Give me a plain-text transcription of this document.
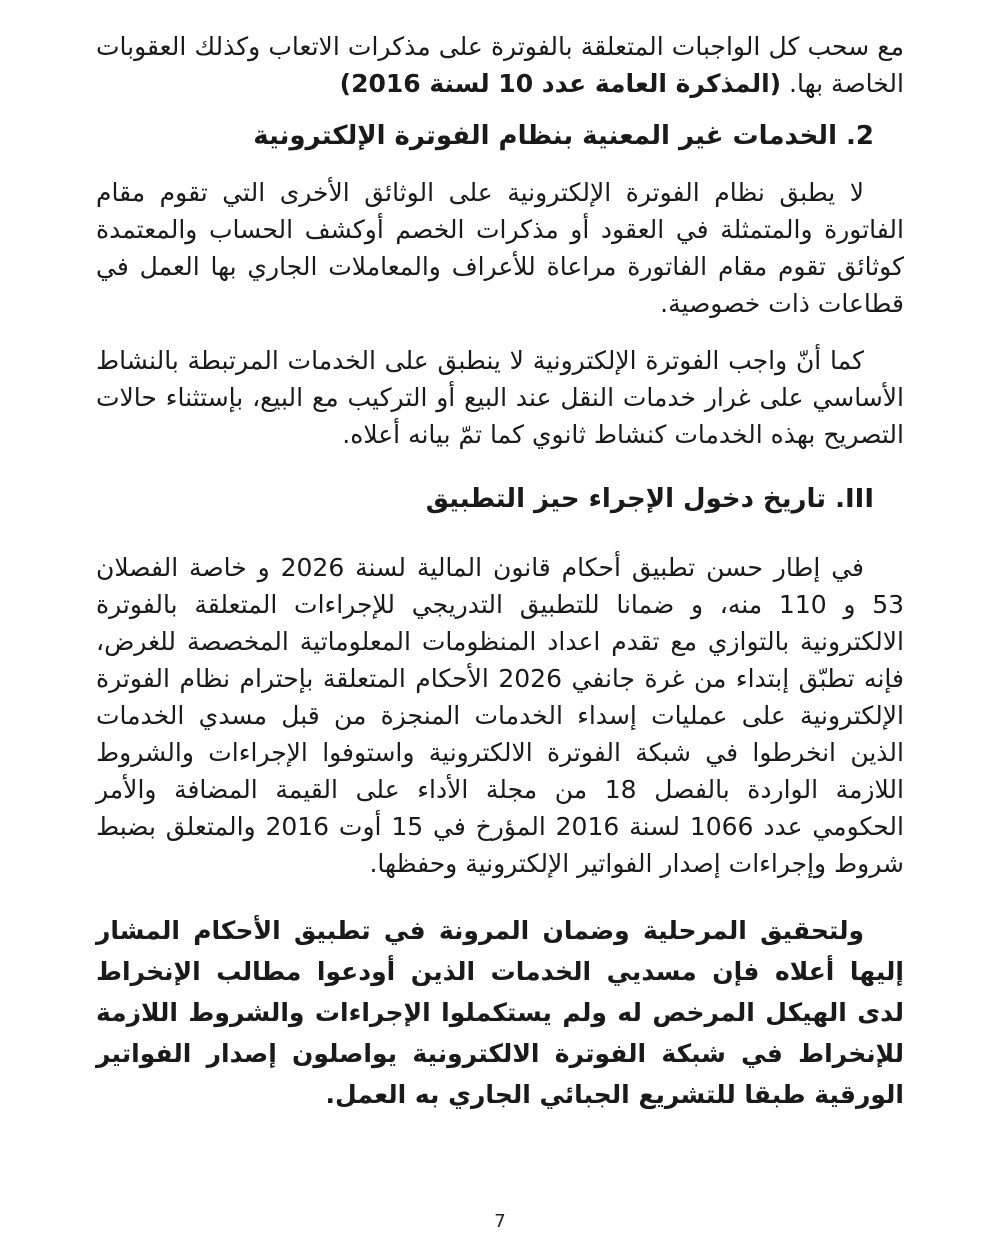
مع سحب كل الواجبات المتعلقة بالفوترة على مذكرات الاتعاب وكذلك العقوبات الخاصة بها. (المذكرة العامة عدد 10 لسنة 2016)

2. الخدمات غير المعنية بنظام الفوترة الإلكترونية

لا يطبق نظام الفوترة الإلكترونية على الوثائق الأخرى التي تقوم مقام الفاتورة والمتمثلة في العقود أو مذكرات الخصم أوكشف الحساب والمعتمدة كوثائق تقوم مقام الفاتورة مراعاة للأعراف والمعاملات الجاري بها العمل في قطاعات ذات خصوصية.

كما أنّ واجب الفوترة الإلكترونية لا ينطبق على الخدمات المرتبطة بالنشاط الأساسي على غرار خدمات النقل عند البيع أو التركيب مع البيع، بإستثناء حالات التصريح بهذه الخدمات كنشاط ثانوي كما تمّ بيانه أعلاه.

III. تاريخ دخول الإجراء حيز التطبيق

في إطار حسن تطبيق أحكام قانون المالية لسنة 2026 و خاصة الفصلان 53 و 110 منه، و ضمانا للتطبيق التدريجي للإجراءات المتعلقة بالفوترة الالكترونية بالتوازي مع تقدم اعداد المنظومات المعلوماتية المخصصة للغرض، فإنه تطبّق إبتداء من غرة جانفي 2026 الأحكام المتعلقة بإحترام نظام الفوترة الإلكترونية على عمليات إسداء الخدمات المنجزة من قبل مسدي الخدمات الذين انخرطوا في شبكة الفوترة الالكترونية واستوفوا الإجراءات والشروط اللازمة الواردة بالفصل 18 من مجلة الأداء على القيمة المضافة والأمر الحكومي عدد 1066 لسنة 2016 المؤرخ في 15 أوت 2016 والمتعلق بضبط شروط وإجراءات إصدار الفواتير الإلكترونية وحفظها.

ولتحقيق المرحلية وضمان المرونة في تطبيق الأحكام المشار إليها أعلاه فإن مسديي الخدمات الذين أودعوا مطالب الإنخراط لدى الهيكل المرخص له ولم يستكملوا الإجراءات والشروط اللازمة للإنخراط في شبكة الفوترة الالكترونية يواصلون إصدار الفواتير الورقية طبقا للتشريع الجبائي الجاري به العمل.

7
